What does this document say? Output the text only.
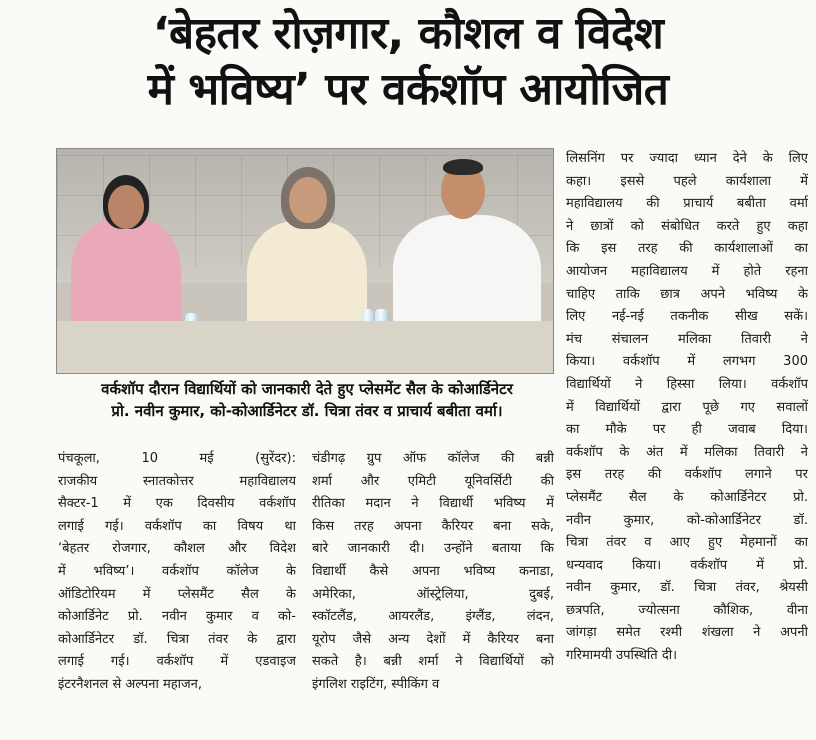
‘बेहतर रोज़गार, कौशल व विदेश
में भविष्य’ पर वर्कशॉप आयोजित
वर्कशॉप दौरान विद्यार्थियों को जानकारी देते हुए प्लेसमेंट सैल के कोआर्डिनेटर
प्रो. नवीन कुमार, को-कोआर्डिनेटर डॉ. चित्रा तंवर व प्राचार्य बबीता वर्मा।
पंचकूला, 10 मई (सुरेंदर):
राजकीय स्नातकोत्तर महाविद्यालय
सैक्टर-1 में एक दिवसीय वर्कशॉप
लगाई गई। वर्कशॉप का विषय था
‘बेहतर रोजगार, कौशल और विदेश
में भविष्य’। वर्कशॉप कॉलेज के
ऑडिटोरियम में प्लेसमैंट सैल के
कोआर्डिनेट प्रो. नवीन कुमार व को-
कोआर्डिनेटर डॉ. चित्रा तंवर के द्वारा
लगाई गई। वर्कशॉप में एडवाइज
इंटरनैशनल से अल्पना महाजन,
चंडीगढ़ ग्रुप ऑफ कॉलेज की बन्नी
शर्मा और एमिटी यूनिवर्सिटी की
रीतिका मदान ने विद्यार्थी भविष्य में
किस तरह अपना कैरियर बना सके,
बारे जानकारी दी। उन्होंने बताया कि
विद्यार्थी कैसे अपना भविष्य कनाडा,
अमेरिका, ऑस्ट्रेलिया, दुबई,
स्कॉटलैंड, आयरलैंड, इंग्लैंड, लंदन,
यूरोप जैसे अन्य देशों में कैरियर बना
सकते है। बन्नी शर्मा ने विद्यार्थियों को
इंगलिश राइटिंग, स्पीकिंग व
लिसनिंग पर ज्यादा ध्यान देने के लिए
कहा। इससे पहले कार्यशाला में
महाविद्यालय की प्राचार्य बबीता वर्मा
ने छात्रों को संबोधित करते हुए कहा
कि इस तरह की कार्यशालाओं का
आयोजन महाविद्यालय में होते रहना
चाहिए ताकि छात्र अपने भविष्य के
लिए नई-नई तकनीक सीख सकें।
मंच संचालन मलिका तिवारी ने
किया। वर्कशॉप में लगभग 300
विद्यार्थियों ने हिस्सा लिया। वर्कशॉप
में विद्यार्थियों द्वारा पूछे गए सवालों
का मौके पर ही जवाब दिया।
वर्कशॉप के अंत में मलिका तिवारी ने
इस तरह की वर्कशॉप लगाने पर
प्लेसमैंट सैल के कोआर्डिनेटर प्रो.
नवीन कुमार, को-कोआर्डिनेटर डॉ.
चित्रा तंवर व आए हुए मेहमानों का
धन्यवाद किया। वर्कशॉप में प्रो.
नवीन कुमार, डॉ. चित्रा तंवर, श्रेयसी
छत्रपति, ज्योत्सना कौशिक, वीना
जांगड़ा समेत रश्मी शंखला ने अपनी
गरिमामयी उपस्थिति दी।
